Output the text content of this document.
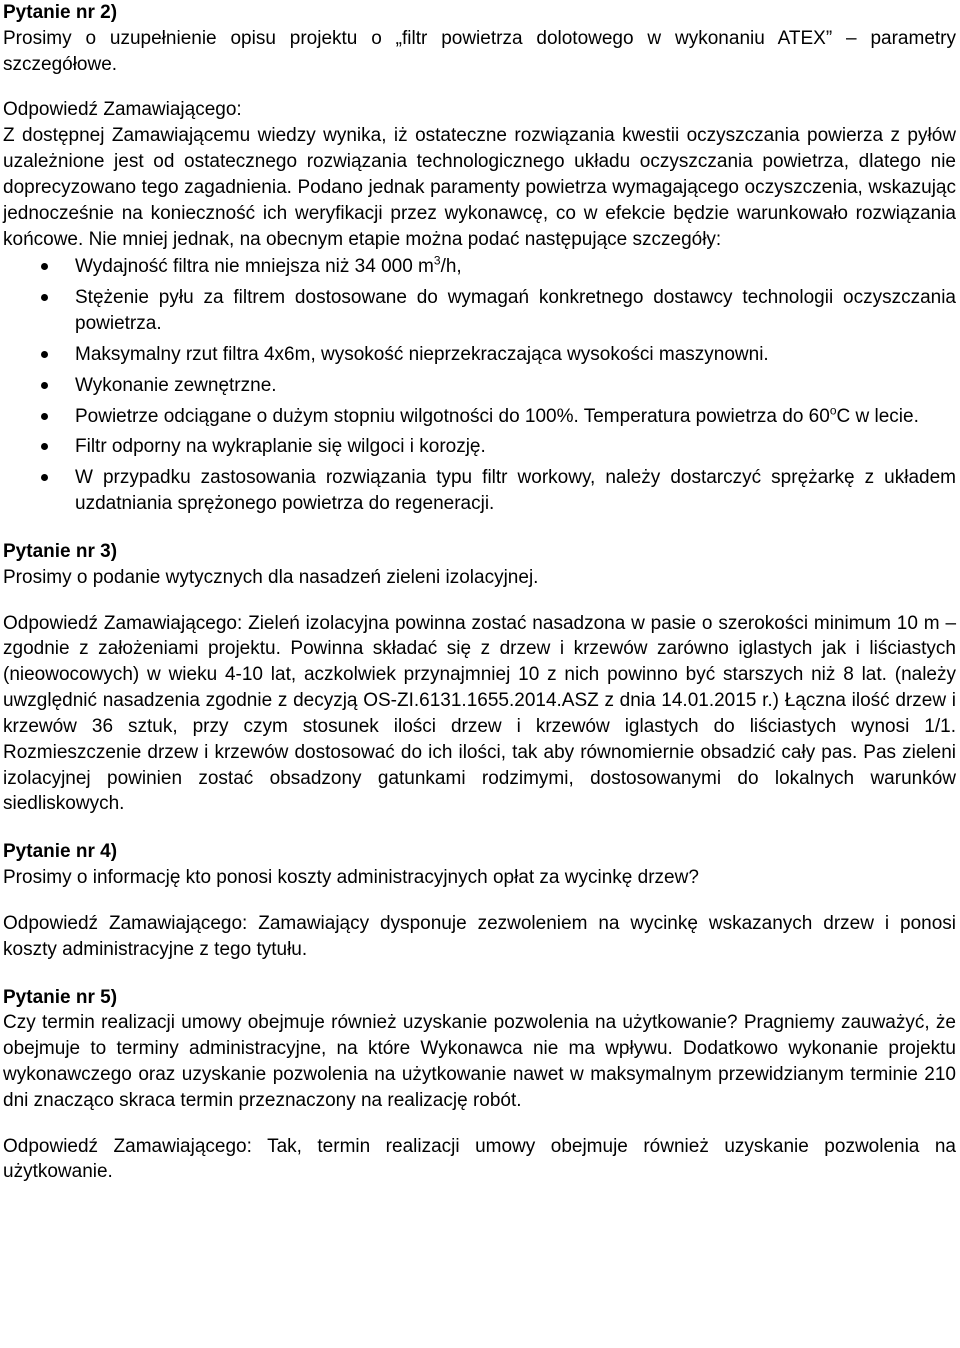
Pytanie nr 2)

Prosimy o uzupełnienie opisu projektu o „filtr powietrza dolotowego w wykonaniu ATEX” – parametry szczegółowe.

Odpowiedź Zamawiającego:

Z dostępnej Zamawiającemu wiedzy wynika, iż ostateczne rozwiązania kwestii oczyszczania powierza z pyłów uzależnione jest od ostatecznego rozwiązania technologicznego układu oczyszczania powietrza, dlatego nie doprecyzowano tego zagadnienia. Podano jednak paramenty powietrza wymagającego oczyszczenia, wskazując jednocześnie na konieczność ich weryfikacji przez wykonawcę, co w efekcie będzie warunkowało rozwiązania końcowe. Nie mniej jednak, na obecnym etapie można podać następujące szczegóły:

Wydajność filtra nie mniejsza niż 34 000 $m^3/h$,
Stężenie pyłu za filtrem dostosowane do wymagań konkretnego dostawcy technologii oczyszczania powietrza.
Maksymalny rzut filtra 4x6m, wysokość nieprzekraczająca wysokości maszynowni.
Wykonanie zewnętrzne.
Powietrze odciągane o dużym stopniu wilgotności do 100%. Temperatura powietrza do 60$^o$C w lecie.
Filtr odporny na wykraplanie się wilgoci i korozję.
W przypadku zastosowania rozwiązania typu filtr workowy, należy dostarczyć sprężarkę z układem uzdatniania sprężonego powietrza do regeneracji.

Pytanie nr 3)

Prosimy o podanie wytycznych dla nasadzeń zieleni izolacyjnej.

Odpowiedź Zamawiającego: Zieleń izolacyjna powinna zostać nasadzona w pasie o szerokości minimum 10 m – zgodnie z założeniami projektu. Powinna składać się z drzew i krzewów zarówno iglastych jak i liściastych (nieowocowych) w wieku 4-10 lat, aczkolwiek przynajmniej 10 z nich powinno być starszych niż 8 lat. (należy uwzględnić nasadzenia zgodnie z decyzją OS-ZI.6131.1655.2014.ASZ z dnia 14.01.2015 r.) Łączna ilość drzew i krzewów 36 sztuk, przy czym stosunek ilości drzew i krzewów iglastych do liściastych wynosi 1/1. Rozmieszczenie drzew i krzewów dostosować do ich ilości, tak aby równomiernie obsadzić cały pas. Pas zieleni izolacyjnej powinien zostać obsadzony gatunkami rodzimymi, dostosowanymi do lokalnych warunków siedliskowych.

Pytanie nr 4)

Prosimy o informację kto ponosi koszty administracyjnych opłat za wycinkę drzew?

Odpowiedź Zamawiającego: Zamawiający dysponuje zezwoleniem na wycinkę wskazanych drzew i ponosi koszty administracyjne z tego tytułu.

Pytanie nr 5)

Czy termin realizacji umowy obejmuje również uzyskanie pozwolenia na użytkowanie? Pragniemy zauważyć, że obejmuje to terminy administracyjne, na które Wykonawca nie ma wpływu. Dodatkowo wykonanie projektu wykonawczego oraz uzyskanie pozwolenia na użytkowanie nawet w maksymalnym przewidzianym terminie 210 dni znacząco skraca termin przeznaczony na realizację robót.

Odpowiedź Zamawiającego: Tak, termin realizacji umowy obejmuje również uzyskanie pozwolenia na użytkowanie.
